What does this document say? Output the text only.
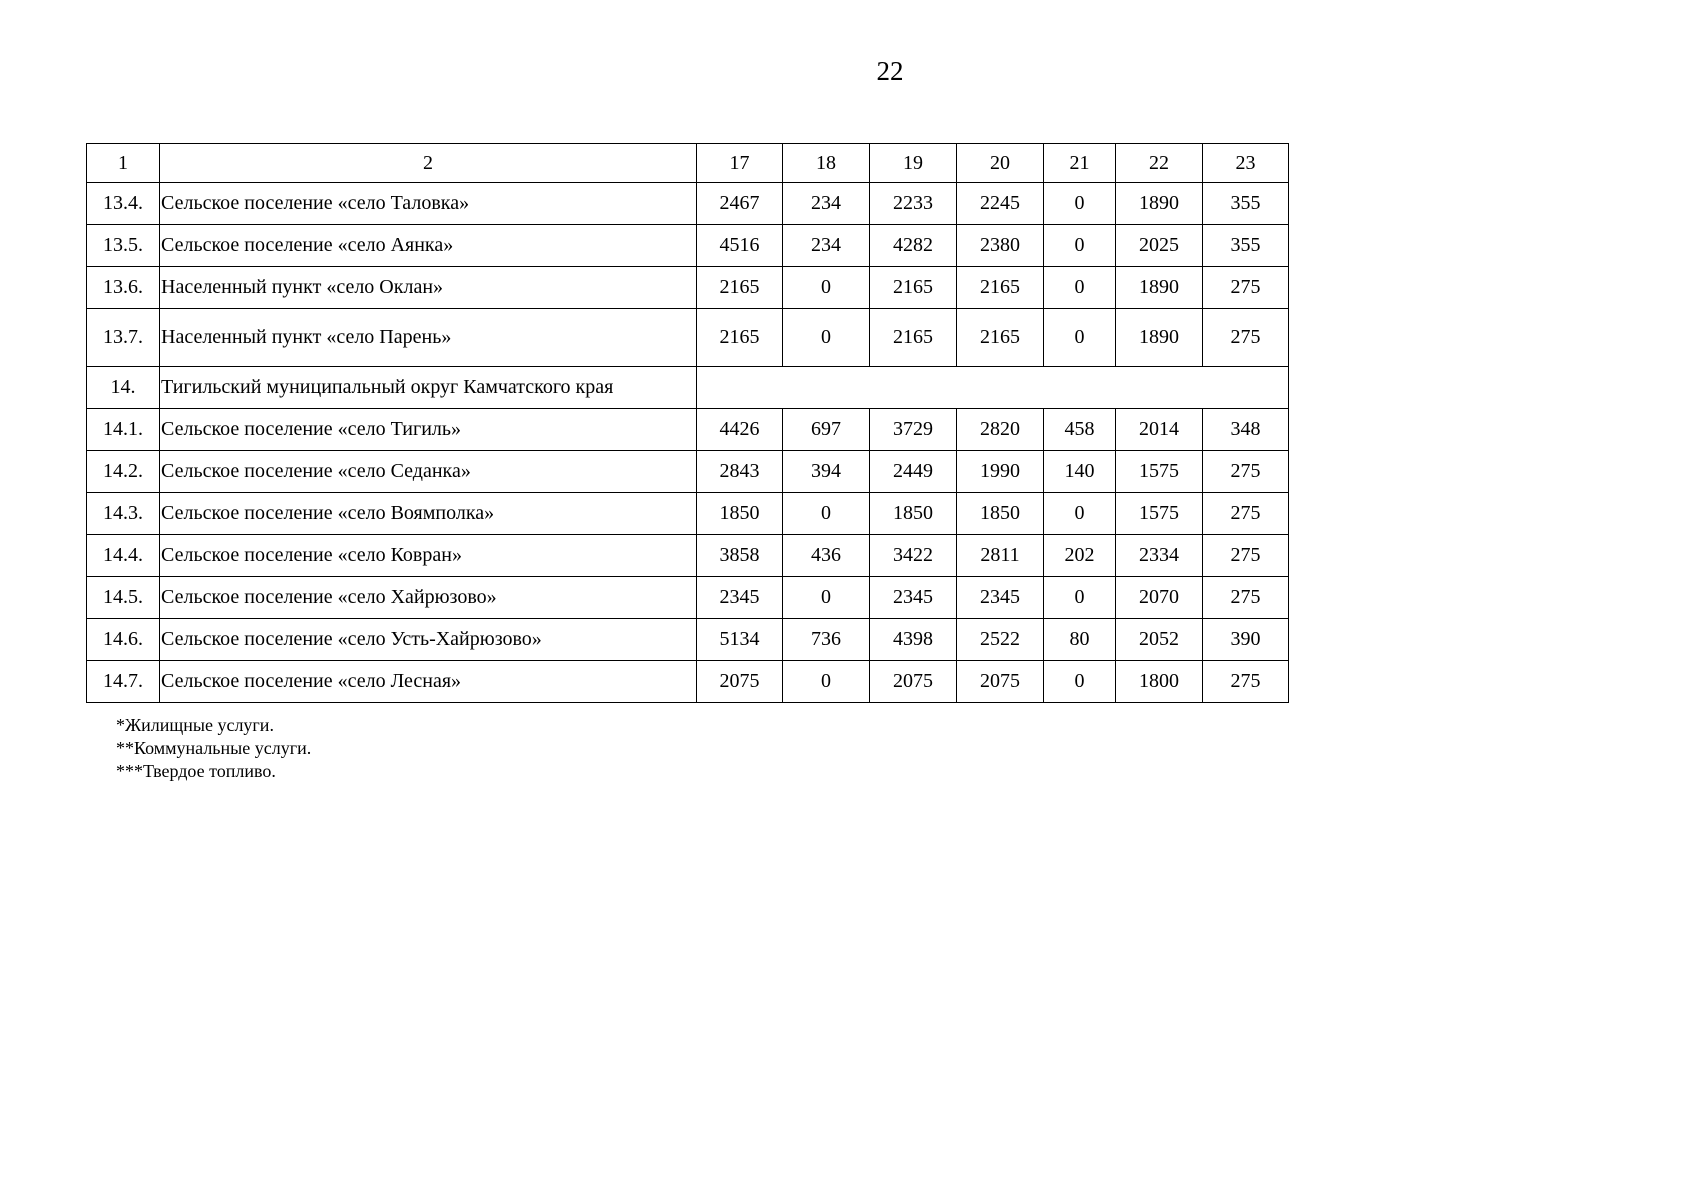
22
1	2	17	18	19	20	21	22	23
13.4.	Сельское поселение «село Таловка»	2467	234	2233	2245	0	1890	355
13.5.	Сельское поселение «село Аянка»	4516	234	4282	2380	0	2025	355
13.6.	Населенный пункт «село Оклан»	2165	0	2165	2165	0	1890	275
13.7.	Населенный пункт «село Парень»	2165	0	2165	2165	0	1890	275
14.	Тигильский муниципальный округ Камчатского края							
14.1.	Сельское поселение «село Тигиль»	4426	697	3729	2820	458	2014	348
14.2.	Сельское поселение «село Седанка»	2843	394	2449	1990	140	1575	275
14.3.	Сельское поселение «село Воямполка»	1850	0	1850	1850	0	1575	275
14.4.	Сельское поселение «село Ковран»	3858	436	3422	2811	202	2334	275
14.5.	Сельское поселение «село Хайрюзово»	2345	0	2345	2345	0	2070	275
14.6.	Сельское поселение «село Усть-Хайрюзово»	5134	736	4398	2522	80	2052	390
14.7.	Сельское поселение «село Лесная»	2075	0	2075	2075	0	1800	275
*Жилищные услуги.
**Коммунальные услуги.
***Твердое топливо.
